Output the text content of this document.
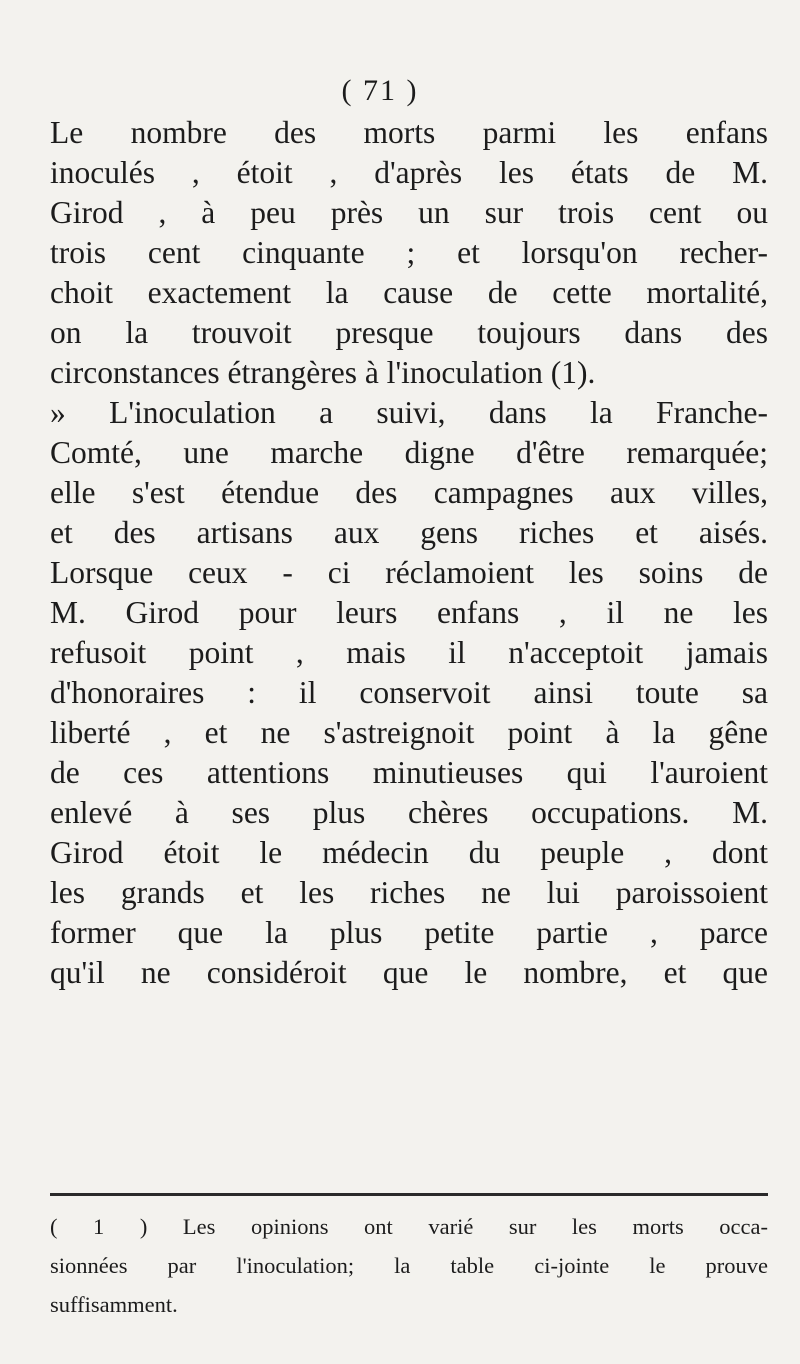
( 71 )
Le nombre des morts parmi les enfans
inoculés , étoit , d'après les états de M.
Girod , à peu près un sur trois cent ou
trois cent cinquante ; et lorsqu'on recher-
choit exactement la cause de cette mortalité,
on la trouvoit presque toujours dans des
circonstances étrangères à l'inoculation (1).
» L'inoculation a suivi, dans la Franche-
Comté, une marche digne d'être remarquée;
elle s'est étendue des campagnes aux villes,
et des artisans aux gens riches et aisés.
Lorsque ceux - ci réclamoient les soins de
M. Girod pour leurs enfans , il ne les
refusoit point , mais il n'acceptoit jamais
d'honoraires : il conservoit ainsi toute sa
liberté , et ne s'astreignoit point à la gêne
de ces attentions minutieuses qui l'auroient
enlevé à ses plus chères occupations. M.
Girod étoit le médecin du peuple , dont
les grands et les riches ne lui paroissoient
former que la plus petite partie , parce
qu'il ne considéroit que le nombre, et que
( 1 ) Les opinions ont varié sur les morts occa-
sionnées par l'inoculation; la table ci-jointe le prouve
suffisamment.
